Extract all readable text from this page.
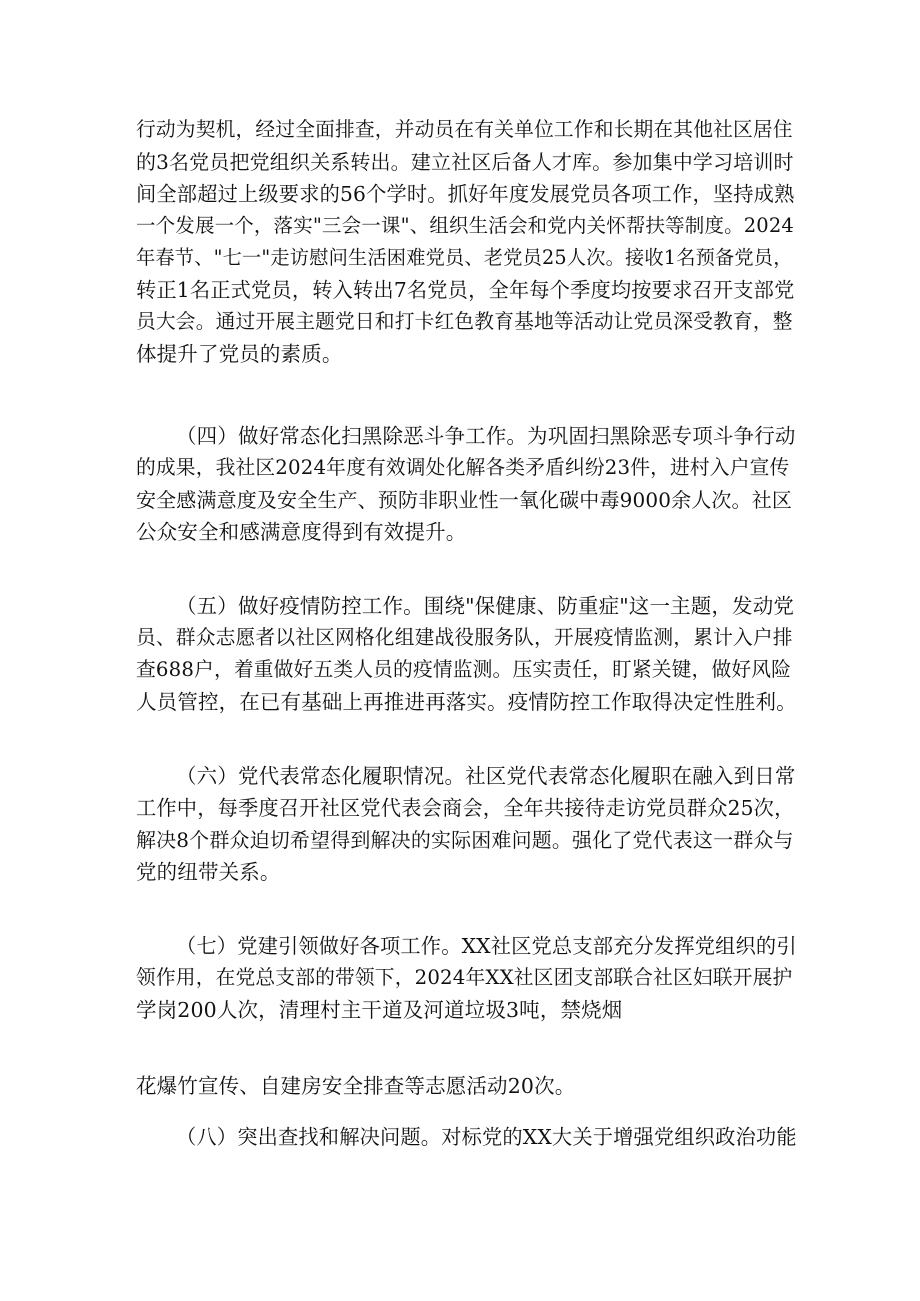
行动为契机，经过全面排查，并动员在有关单位工作和长期在其他社区居住
的3名党员把党组织关系转出。建立社区后备人才库。参加集中学习培训时
间全部超过上级要求的56个学时。抓好年度发展党员各项工作，坚持成熟
一个发展一个，落实"三会一课"、组织生活会和党内关怀帮扶等制度。2024
年春节、"七一"走访慰问生活困难党员、老党员25人次。接收1名预备党员，
转正1名正式党员，转入转出7名党员，全年每个季度均按要求召开支部党
员大会。通过开展主题党日和打卡红色教育基地等活动让党员深受教育，整
体提升了党员的素质。
（四）做好常态化扫黑除恶斗争工作。为巩固扫黑除恶专项斗争行动
的成果，我社区2024年度有效调处化解各类矛盾纠纷23件，进村入户宣传
安全感满意度及安全生产、预防非职业性一氧化碳中毒9000余人次。社区
公众安全和感满意度得到有效提升。
（五）做好疫情防控工作。围绕"保健康、防重症"这一主题，发动党
员、群众志愿者以社区网格化组建战役服务队，开展疫情监测，累计入户排
查688户，着重做好五类人员的疫情监测。压实责任，盯紧关键，做好风险
人员管控，在已有基础上再推进再落实。疫情防控工作取得决定性胜利。
（六）党代表常态化履职情况。社区党代表常态化履职在融入到日常
工作中，每季度召开社区党代表会商会，全年共接待走访党员群众25次，
解决8个群众迫切希望得到解决的实际困难问题。强化了党代表这一群众与
党的纽带关系。
（七）党建引领做好各项工作。XX社区党总支部充分发挥党组织的引
领作用，在党总支部的带领下，2024年XX社区团支部联合社区妇联开展护
学岗200人次，清理村主干道及河道垃圾3吨，禁烧烟
花爆竹宣传、自建房安全排查等志愿活动20次。
（八）突出查找和解决问题。对标党的XX大关于增强党组织政治功能
